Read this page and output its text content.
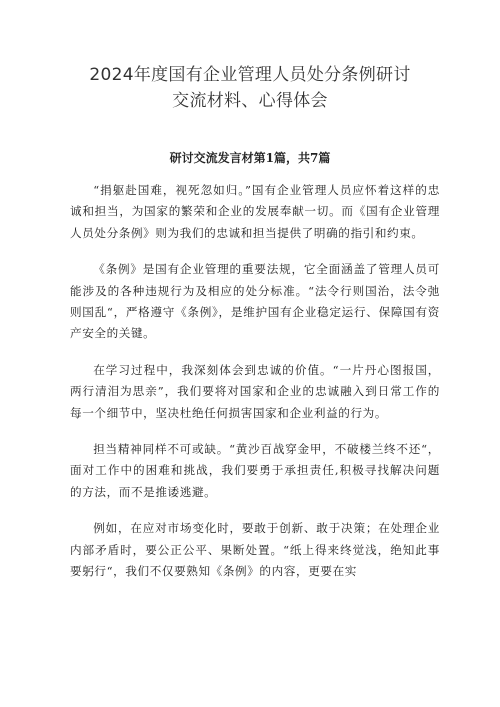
2024年度国有企业管理人员处分条例研讨
交流材料、心得体会
研讨交流发言材第1篇，共7篇

“捐躯赴国难，视死忽如归。”国有企业管理人员应怀着这样的忠诚和担当，为国家的繁荣和企业的发展奉献一切。而《国有企业管理人员处分条例》则为我们的忠诚和担当提供了明确的指引和约束。

《条例》是国有企业管理的重要法规，它全面涵盖了管理人员可能涉及的各种违规行为及相应的处分标准。“法令行则国治，法令弛则国乱“，严格遵守《条例》，是维护国有企业稳定运行、保障国有资产安全的关键。

在学习过程中，我深刻体会到忠诚的价值。“一片丹心图报国，两行清泪为思亲”，我们要将对国家和企业的忠诚融入到日常工作的每一个细节中，坚决杜绝任何损害国家和企业利益的行为。

担当精神同样不可或缺。“黄沙百战穿金甲，不破楼兰终不还“，面对工作中的困难和挑战，我们要勇于承担责任,积极寻找解决问题的方法，而不是推诿逃避。

例如，在应对市场变化时，要敢于创新、敢于决策；在处理企业内部矛盾时，要公正公平、果断处置。“纸上得来终觉浅，绝知此事要躬行“，我们不仅要熟知《条例》的内容，更要在实
